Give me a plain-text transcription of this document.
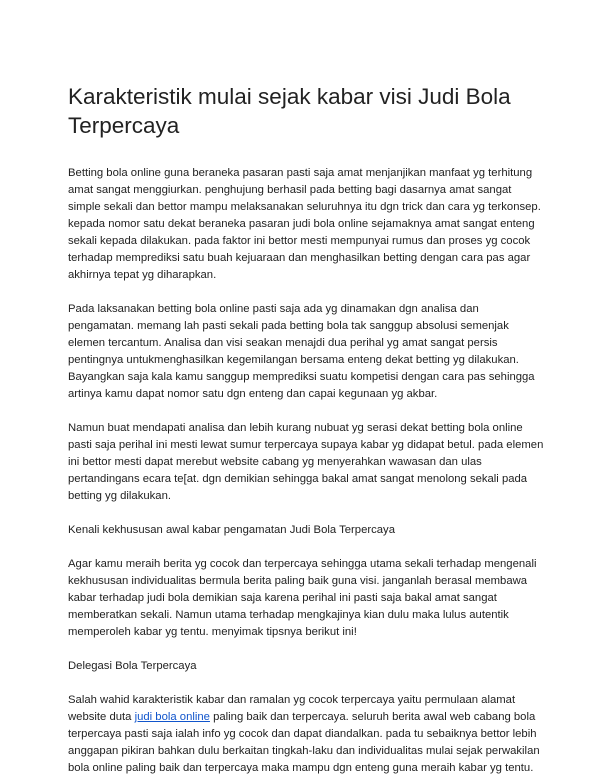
Karakteristik mulai sejak kabar visi Judi Bola Terpercaya

Betting bola online guna beraneka pasaran pasti saja amat menjanjikan manfaat yg terhitung amat sangat menggiurkan. penghujung berhasil pada betting bagi dasarnya amat sangat simple sekali dan bettor mampu melaksanakan seluruhnya itu dgn trick dan cara yg terkonsep. kepada nomor satu dekat beraneka pasaran judi bola online sejamaknya amat sangat enteng sekali kepada dilakukan. pada faktor ini bettor mesti mempunyai rumus dan proses yg cocok terhadap memprediksi satu buah kejuaraan dan menghasilkan betting dengan cara pas agar akhirnya tepat yg diharapkan.

Pada laksanakan betting bola online pasti saja ada yg dinamakan dgn analisa dan pengamatan. memang lah pasti sekali pada betting bola tak sanggup absolusi semenjak elemen tercantum. Analisa dan visi seakan menajdi dua perihal yg amat sangat persis pentingnya untukmenghasilkan kegemilangan bersama enteng dekat betting yg dilakukan. Bayangkan saja kala kamu sanggup memprediksi suatu kompetisi dengan cara pas sehingga artinya kamu dapat nomor satu dgn enteng dan capai kegunaan yg akbar.

Namun buat mendapati analisa dan lebih kurang nubuat yg serasi dekat betting bola online pasti saja perihal ini mesti lewat sumur terpercaya supaya kabar yg didapat betul. pada elemen ini bettor mesti dapat merebut website cabang yg menyerahkan wawasan dan ulas pertandingans ecara te[at. dgn demikian sehingga bakal amat sangat menolong sekali pada betting yg dilakukan.

Kenali kekhususan awal kabar pengamatan Judi Bola Terpercaya

Agar kamu meraih berita yg cocok dan terpercaya sehingga utama sekali terhadap mengenali kekhususan individualitas bermula berita paling baik guna visi. janganlah berasal membawa kabar terhadap judi bola demikian saja karena perihal ini pasti saja bakal amat sangat memberatkan sekali. Namun utama terhadap mengkajinya kian dulu maka lulus autentik memperoleh kabar yg tentu. menyimak tipsnya berikut ini!

Delegasi Bola Terpercaya

Salah wahid karakteristik kabar dan ramalan yg cocok terpercaya yaitu permulaan alamat website duta judi bola online paling baik dan terpercaya. seluruh berita awal web cabang bola terpercaya pasti saja ialah info yg cocok dan dapat diandalkan. pada tu sebaiknya bettor lebih anggapan pikiran bahkan dulu berkaitan tingkah-laku dan individualitas mulai sejak perwakilan bola online paling baik dan terpercaya maka mampu dgn enteng guna meraih kabar yg tentu.
